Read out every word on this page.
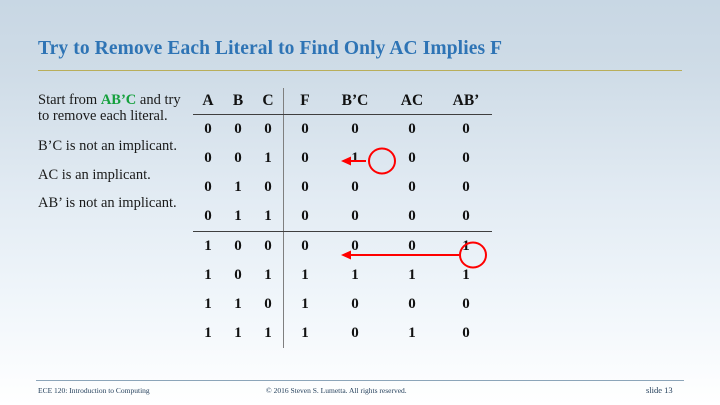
Try to Remove Each Literal to Find Only AC Implies F
Start from AB’C and try to remove each literal.
B’C is not an implicant.
AC is an implicant.
AB’ is not an implicant.
A	B	C	F	B’C	AC	AB’
0	0	0	0	0	0	0
0	0	1	0	1	0	0
0	1	0	0	0	0	0
0	1	1	0	0	0	0
1	0	0	0	0	0	1
1	0	1	1	1	1	1
1	1	0	1	0	0	0
1	1	1	1	0	1	0
ECE 120: Introduction to Computing	© 2016 Steven S. Lumetta. All rights reserved.	slide 13
